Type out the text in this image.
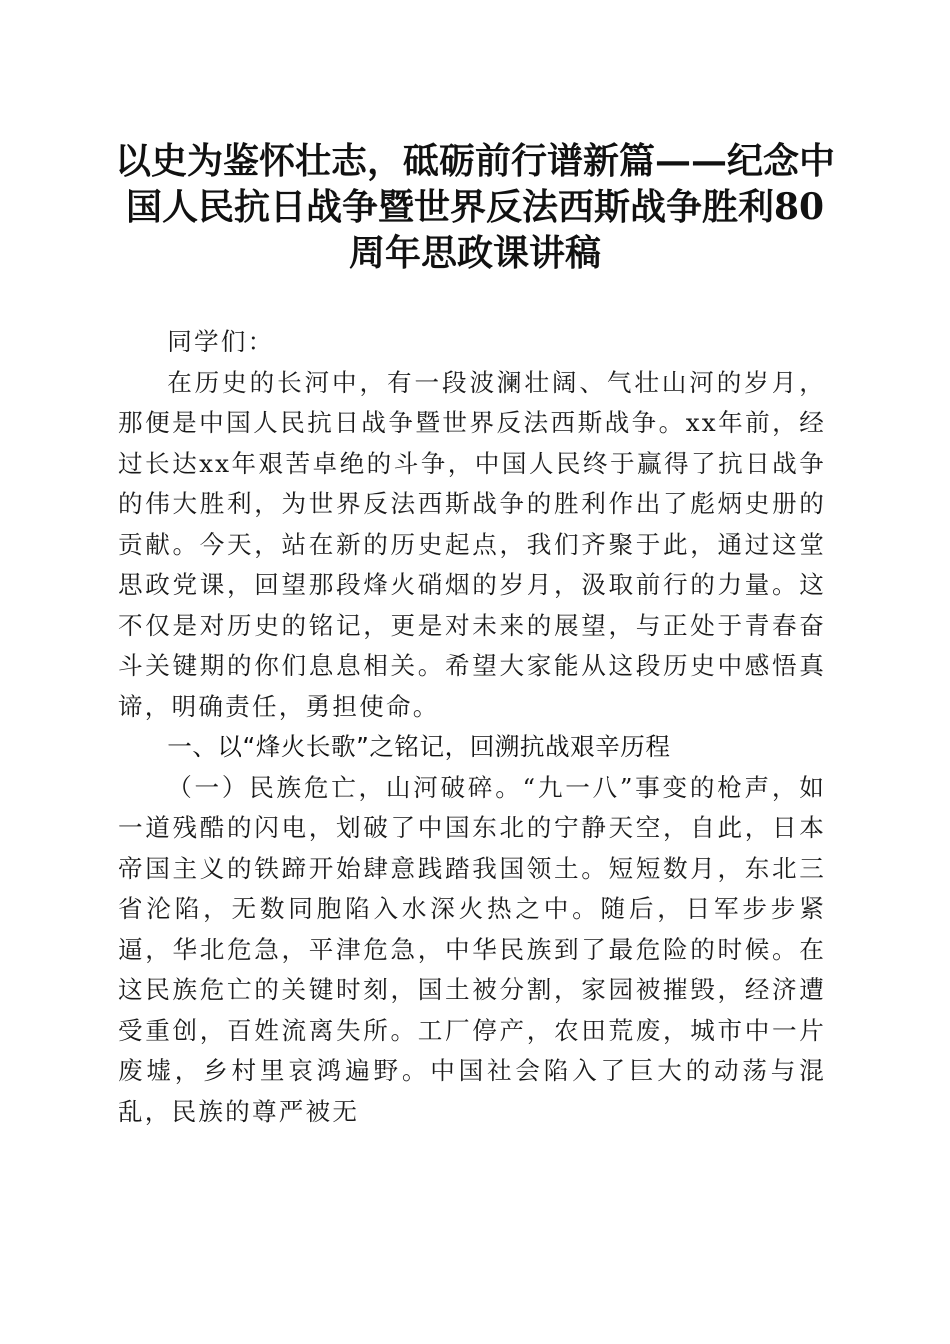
以史为鉴怀壮志，砥砺前行谱新篇——纪念中国人民抗日战争暨世界反法西斯战争胜利80周年思政课讲稿

同学们：

在历史的长河中，有一段波澜壮阔、气壮山河的岁月，那便是中国人民抗日战争暨世界反法西斯战争。xx年前，经过长达xx年艰苦卓绝的斗争，中国人民终于赢得了抗日战争的伟大胜利，为世界反法西斯战争的胜利作出了彪炳史册的贡献。今天，站在新的历史起点，我们齐聚于此，通过这堂思政党课，回望那段烽火硝烟的岁月，汲取前行的力量。这不仅是对历史的铭记，更是对未来的展望，与正处于青春奋斗关键期的你们息息相关。希望大家能从这段历史中感悟真谛，明确责任，勇担使命。

一、以“烽火长歌”之铭记，回溯抗战艰辛历程

（一）民族危亡，山河破碎。“九一八”事变的枪声，如一道残酷的闪电，划破了中国东北的宁静天空，自此，日本帝国主义的铁蹄开始肆意践踏我国领土。短短数月，东北三省沦陷，无数同胞陷入水深火热之中。随后，日军步步紧逼，华北危急，平津危急，中华民族到了最危险的时候。在这民族危亡的关键时刻，国土被分割，家园被摧毁，经济遭受重创，百姓流离失所。工厂停产，农田荒废，城市中一片废墟，乡村里哀鸿遍野。中国社会陷入了巨大的动荡与混乱，民族的尊严被无
